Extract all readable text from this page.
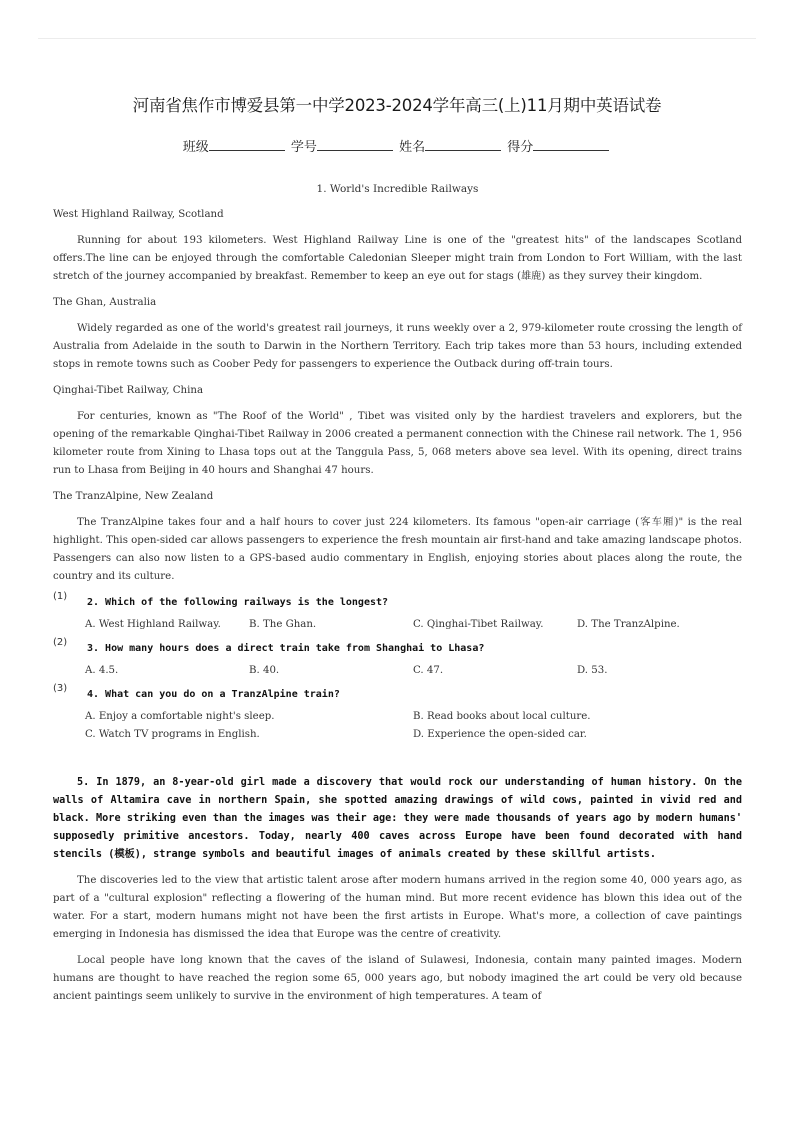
河南省焦作市博爱县第一中学2023-2024学年高三(上)11月期中英语试卷
班级	学号	姓名	得分
1. World's Incredible Railways
West Highland Railway, Scotland
Running for about 193 kilometers. West Highland Railway Line is one of the "greatest hits" of the landscapes Scotland offers.The line can be enjoyed through the comfortable Caledonian Sleeper might train from London to Fort William, with the last stretch of the journey accompanied by breakfast. Remember to keep an eye out for stags (雄鹿) as they survey their kingdom.
The Ghan, Australia
Widely regarded as one of the world's greatest rail journeys, it runs weekly over a 2, 979-kilometer route crossing the length of Australia from Adelaide in the south to Darwin in the Northern Territory. Each trip takes more than 53 hours, including extended stops in remote towns such as Coober Pedy for passengers to experience the Outback during off-train tours.
Qinghai-Tibet Railway, China
For centuries, known as "The Roof of the World" , Tibet was visited only by the hardiest travelers and explorers, but the opening of the remarkable Qinghai-Tibet Railway in 2006 created a permanent connection with the Chinese rail network. The 1, 956 kilometer route from Xining to Lhasa tops out at the Tanggula Pass, 5, 068 meters above sea level. With its opening, direct trains run to Lhasa from Beijing in 40 hours and Shanghai 47 hours.
The TranzAlpine, New Zealand
The TranzAlpine takes four and a half hours to cover just 224 kilometers. Its famous "open-air carriage (客车厢)" is the real highlight. This open-sided car allows passengers to experience the fresh mountain air first-hand and take amazing landscape photos. Passengers can also now listen to a GPS-based audio commentary in English, enjoying stories about places along the route, the country and its culture.
(1)
2. Which of the following railways is the longest?
A. West Highland Railway.	B. The Ghan.	C. Qinghai-Tibet Railway.	D. The TranzAlpine.
(2)
3. How many hours does a direct train take from Shanghai to Lhasa?
A. 4.5.	B. 40.	C. 47.	D. 53.
(3)
4. What can you do on a TranzAlpine train?
A. Enjoy a comfortable night's sleep.	B. Read books about local culture.
C. Watch TV programs in English.	D. Experience the open-sided car.
5. In 1879, an 8-year-old girl made a discovery that would rock our understanding of human history. On the walls of Altamira cave in northern Spain, she spotted amazing drawings of wild cows, painted in vivid red and black. More striking even than the images was their age: they were made thousands of years ago by modern humans' supposedly primitive ancestors. Today, nearly 400 caves across Europe have been found decorated with hand stencils (模板), strange symbols and beautiful images of animals created by these skillful artists.
The discoveries led to the view that artistic talent arose after modern humans arrived in the region some 40, 000 years ago, as part of a "cultural explosion" reflecting a flowering of the human mind. But more recent evidence has blown this idea out of the water. For a start, modern humans might not have been the first artists in Europe. What's more, a collection of cave paintings emerging in Indonesia has dismissed the idea that Europe was the centre of creativity.
Local people have long known that the caves of the island of Sulawesi, Indonesia, contain many painted images. Modern humans are thought to have reached the region some 65, 000 years ago, but nobody imagined the art could be very old because ancient paintings seem unlikely to survive in the environment of high temperatures. A team of
